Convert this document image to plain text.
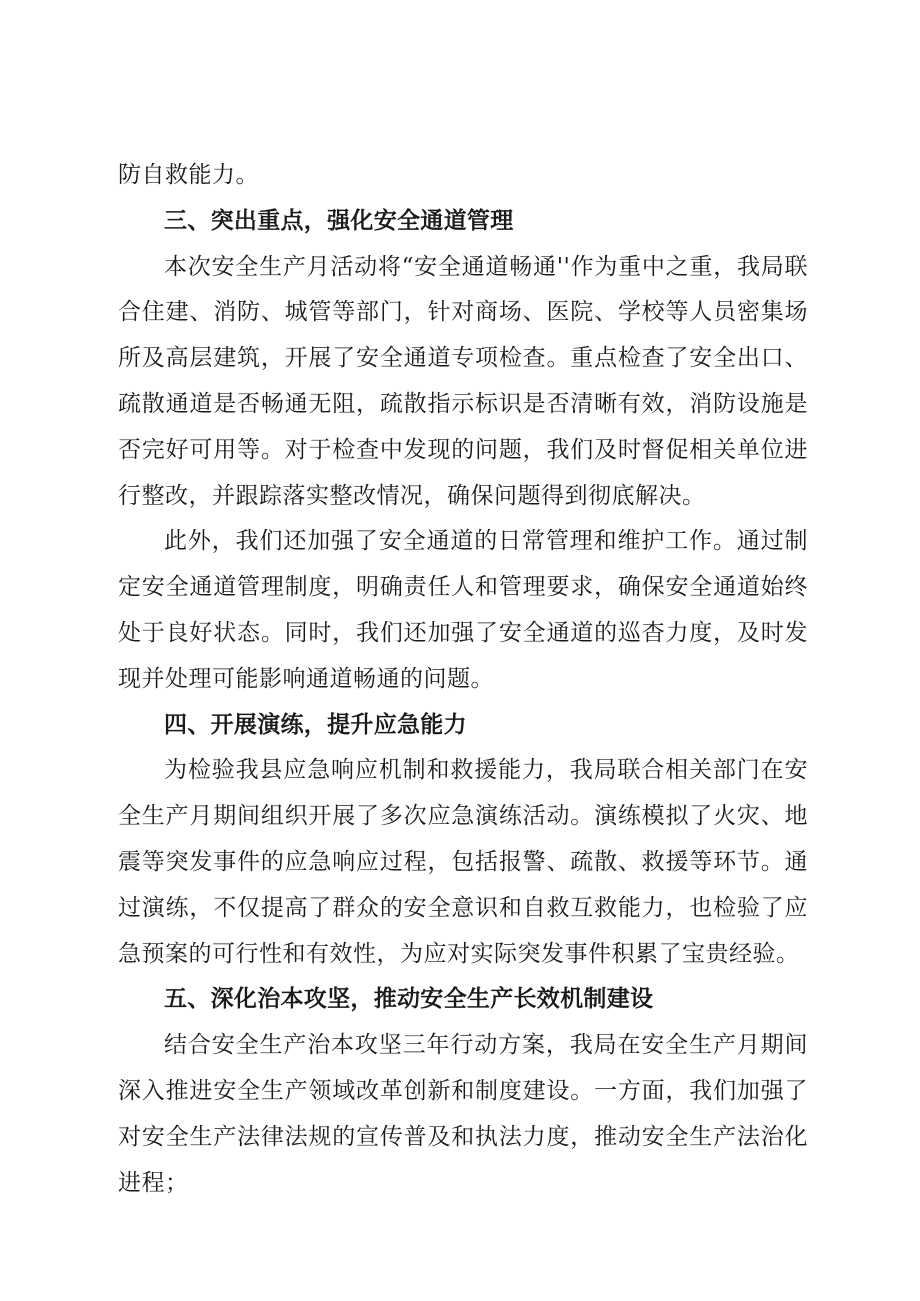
防自救能力。

三、突出重点，强化安全通道管理

本次安全生产月活动将“安全通道畅通''作为重中之重，我局联合住建、消防、城管等部门，针对商场、医院、学校等人员密集场所及高层建筑，开展了安全通道专项检查。重点检查了安全出口、疏散通道是否畅通无阻，疏散指示标识是否清晰有效，消防设施是否完好可用等。对于检查中发现的问题，我们及时督促相关单位进行整改，并跟踪落实整改情况，确保问题得到彻底解决。

此外，我们还加强了安全通道的日常管理和维护工作。通过制定安全通道管理制度，明确责任人和管理要求，确保安全通道始终处于良好状态。同时，我们还加强了安全通道的巡杳力度，及时发现并处理可能影响通道畅通的问题。

四、开展演练，提升应急能力

为检验我县应急响应机制和救援能力，我局联合相关部门在安全生产月期间组织开展了多次应急演练活动。演练模拟了火灾、地震等突发事件的应急响应过程，包括报警、疏散、救援等环节。通过演练，不仅提高了群众的安全意识和自救互救能力，也检验了应急预案的可行性和有效性，为应对实际突发事件积累了宝贵经验。

五、深化治本攻坚，推动安全生产长效机制建设

结合安全生产治本攻坚三年行动方案，我局在安全生产月期间深入推进安全生产领域改革创新和制度建设。一方面，我们加强了对安全生产法律法规的宣传普及和执法力度，推动安全生产法治化进程；
